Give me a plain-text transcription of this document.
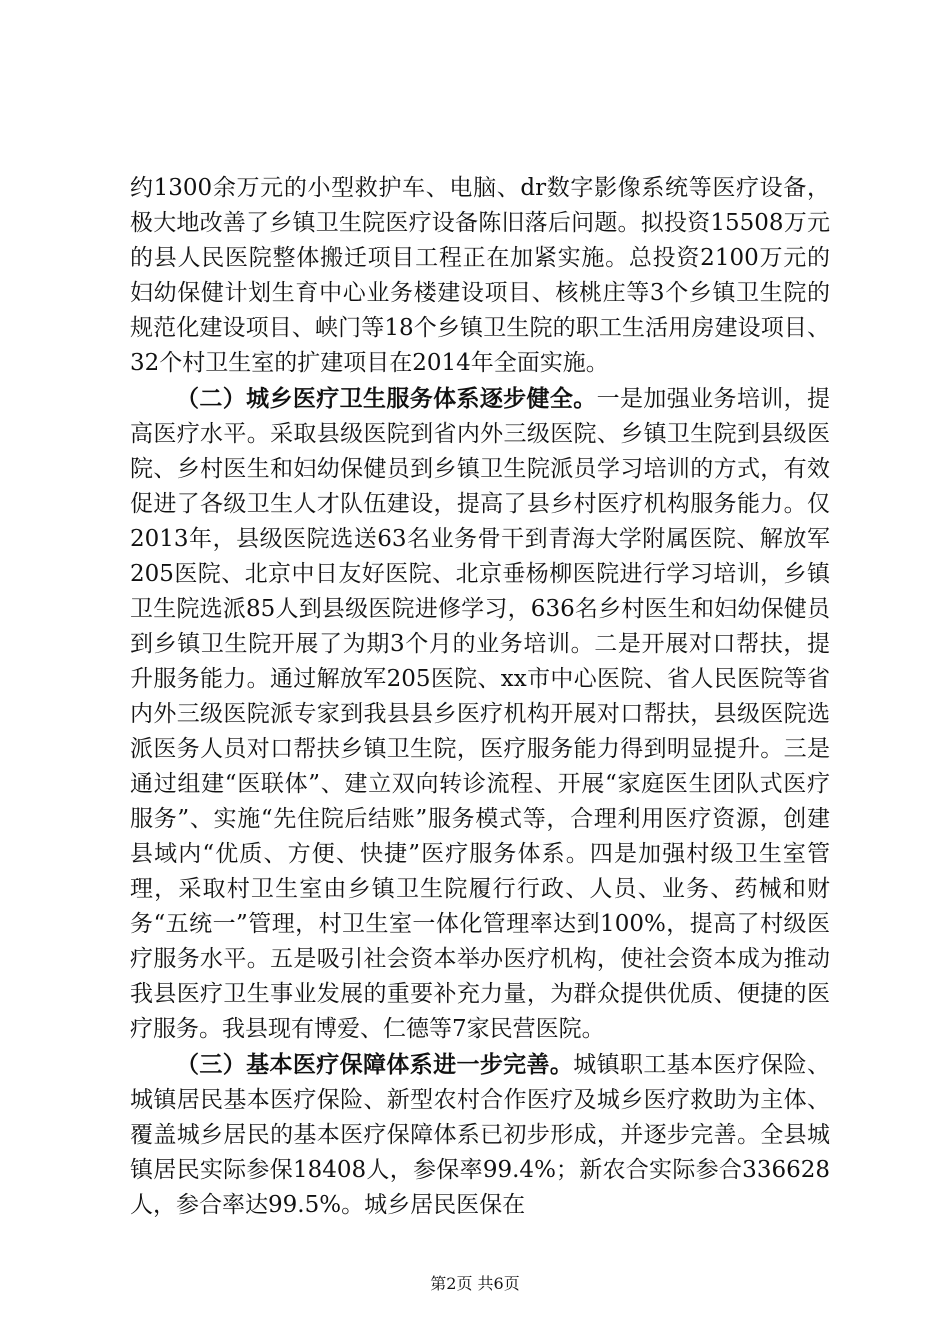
约1300余万元的小型救护车、电脑、dr数字影像系统等医疗设备，极大地改善了乡镇卫生院医疗设备陈旧落后问题。拟投资15508万元的县人民医院整体搬迁项目工程正在加紧实施。总投资2100万元的妇幼保健计划生育中心业务楼建设项目、核桃庄等3个乡镇卫生院的规范化建设项目、峡门等18个乡镇卫生院的职工生活用房建设项目、32个村卫生室的扩建项目在2014年全面实施。

（二）城乡医疗卫生服务体系逐步健全。一是加强业务培训，提高医疗水平。采取县级医院到省内外三级医院、乡镇卫生院到县级医院、乡村医生和妇幼保健员到乡镇卫生院派员学习培训的方式，有效促进了各级卫生人才队伍建设，提高了县乡村医疗机构服务能力。仅2013年，县级医院选送63名业务骨干到青海大学附属医院、解放军205医院、北京中日友好医院、北京垂杨柳医院进行学习培训，乡镇卫生院选派85人到县级医院进修学习，636名乡村医生和妇幼保健员到乡镇卫生院开展了为期3个月的业务培训。二是开展对口帮扶，提升服务能力。通过解放军205医院、xx市中心医院、省人民医院等省内外三级医院派专家到我县县乡医疗机构开展对口帮扶，县级医院选派医务人员对口帮扶乡镇卫生院，医疗服务能力得到明显提升。三是通过组建“医联体”、建立双向转诊流程、开展“家庭医生团队式医疗服务”、实施“先住院后结账”服务模式等，合理利用医疗资源，创建县域内“优质、方便、快捷”医疗服务体系。四是加强村级卫生室管理，采取村卫生室由乡镇卫生院履行行政、人员、业务、药械和财务“五统一”管理，村卫生室一体化管理率达到100%，提高了村级医疗服务水平。五是吸引社会资本举办医疗机构，使社会资本成为推动我县医疗卫生事业发展的重要补充力量，为群众提供优质、便捷的医疗服务。我县现有博爱、仁德等7家民营医院。

（三）基本医疗保障体系进一步完善。城镇职工基本医疗保险、城镇居民基本医疗保险、新型农村合作医疗及城乡医疗救助为主体、覆盖城乡居民的基本医疗保障体系已初步形成，并逐步完善。全县城镇居民实际参保18408人，参保率99.4%；新农合实际参合336628人，参合率达99.5%。城乡居民医保在

第2页 共6页
